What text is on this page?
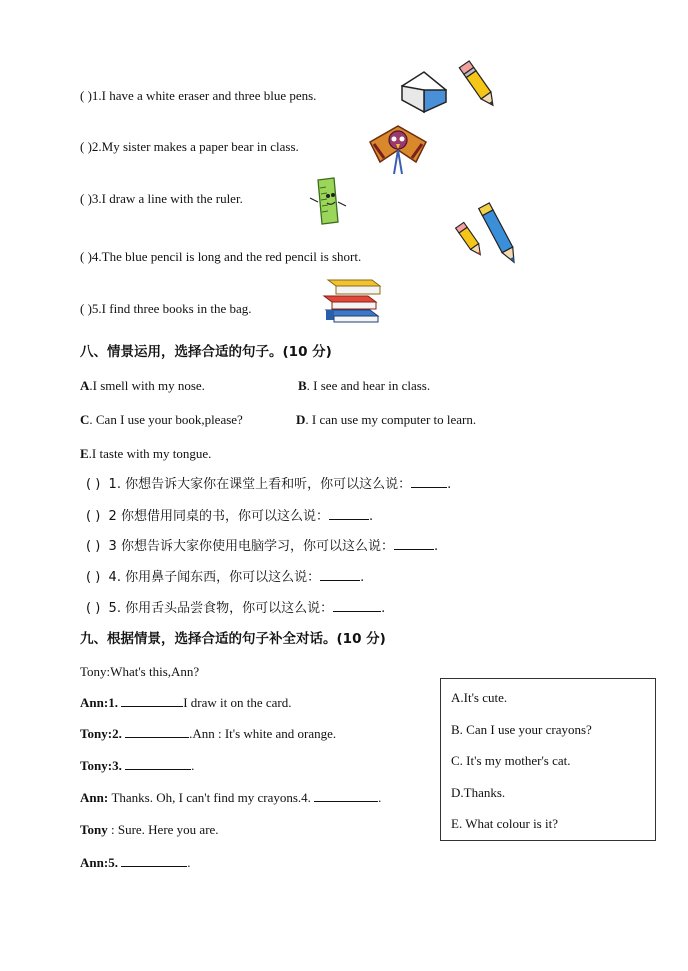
( )1.I have a white eraser and three blue pens.
( )2.My sister makes a paper bear in class.
( )3.I draw a line with the ruler.
( )4.The blue pencil is long and the red pencil is short.
( )5.I find three books in the bag.
八、情景运用，选择合适的句子。(10 分)
A.I smell with my nose.	B. I see and hear in class.
C. Can I use your book,please?	D. I can use my computer to learn.
E.I taste with my tongue.
( ) 1. 你想告诉大家你在课堂上看和听，你可以这么说：	.
( ) 2 你想借用同桌的书，你可以这么说：	.
( ) 3 你想告诉大家你使用电脑学习，你可以这么说：	.
( ) 4. 你用鼻子闻东西，你可以这么说：	.
( ) 5. 你用舌头品尝食物，你可以这么说：	.
九、根据情景，选择合适的句子补全对话。(10 分)
Tony:What's this,Ann?
Ann:1.	I draw it on the card.
Tony:2.	.Ann : It's white and orange.
Tony:3.	.
Ann: Thanks. Oh, I can't find my crayons.4.	.
Tony : Sure. Here you are.
Ann:5.	.
A.It's cute.
B. Can I use your crayons?
C. It's my mother's cat.
D.Thanks.
E. What colour is it?
